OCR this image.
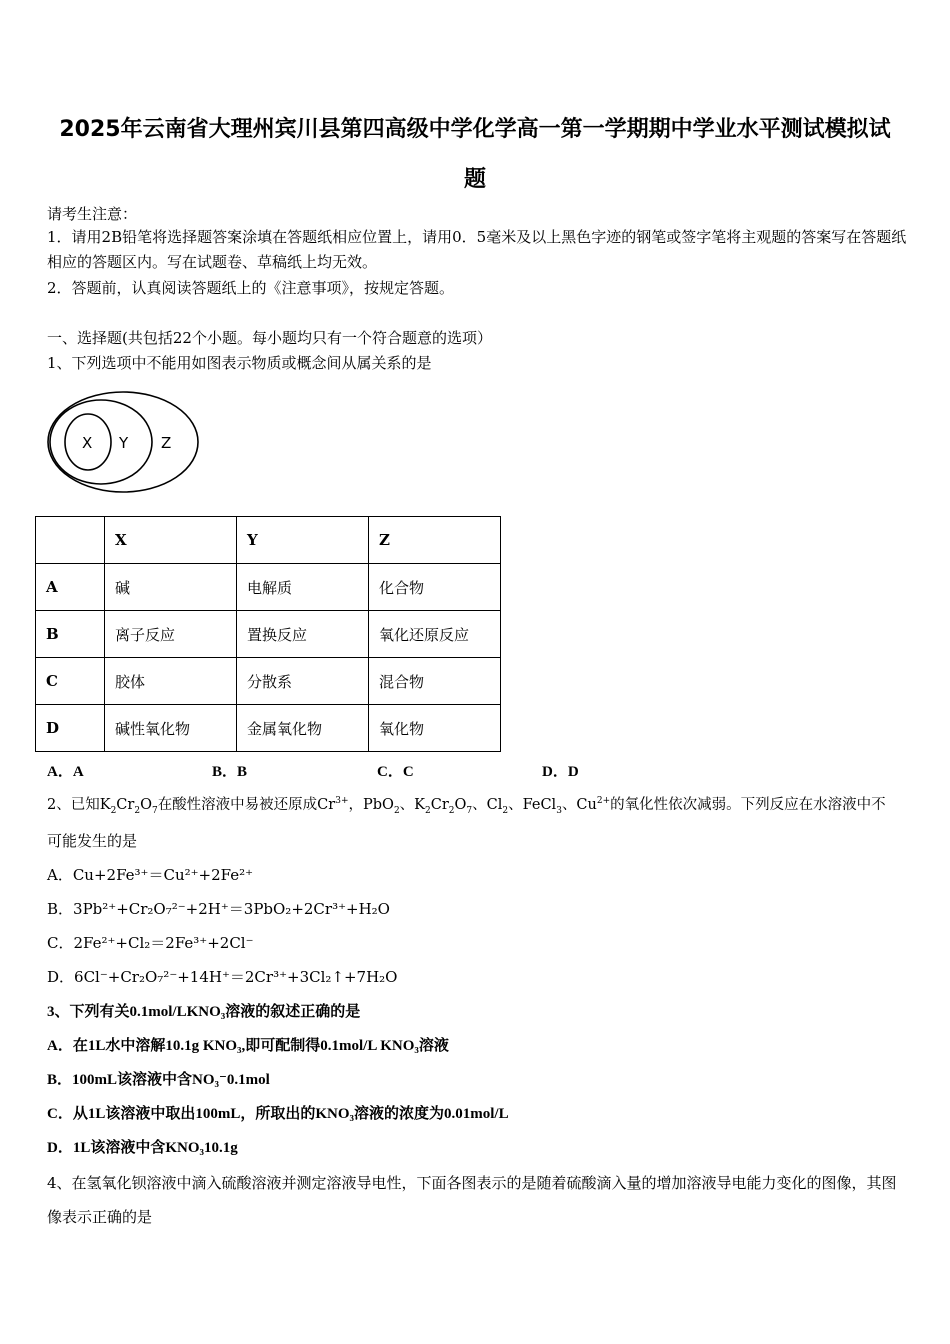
2025年云南省大理州宾川县第四高级中学化学高一第一学期期中学业水平测试模拟试
题
请考生注意：
1．请用2B铅笔将选择题答案涂填在答题纸相应位置上，请用0．5毫米及以上黑色字迹的钢笔或签字笔将主观题的答案写在答题纸相应的答题区内。写在试题卷、草稿纸上均无效。
2．答题前，认真阅读答题纸上的《注意事项》，按规定答题。
一、选择题(共包括22个小题。每小题均只有一个符合题意的选项）
1、下列选项中不能用如图表示物质或概念间从属关系的是
X Y Z
	X	Y	Z
A	碱	电解质	化合物
B	离子反应	置换反应	氧化还原反应
C	胶体	分散系	混合物
D	碱性氧化物	金属氧化物	氧化物
A．A	B．B	C．C	D．D
2、已知$K_2Cr_2O_7$在酸性溶液中易被还原成$Cr^{3+}$，PbO$_2$、$K_2Cr_2O_7$、$Cl_2$、FeCl$_3$、$Cu^{2+}$的氧化性依次减弱。下列反应在水溶液中不
可能发生的是
A．Cu+2Fe³⁺＝Cu²⁺+2Fe²⁺
B．3Pb²⁺+Cr₂O₇²⁻+2H⁺＝3PbO₂+2Cr³⁺+H₂O
C．2Fe²⁺+Cl₂＝2Fe³⁺+2Cl⁻
D．6Cl⁻+Cr₂O₇²⁻+14H⁺＝2Cr³⁺+3Cl₂↑+7H₂O
3、下列有关0.1mol/LKNO₃溶液的叙述正确的是
A．在1L水中溶解10.1g KNO₃,即可配制得0.1mol/L KNO₃溶液
B．100mL该溶液中含NO₃⁻0.1mol
C．从1L该溶液中取出100mL，所取出的KNO₃溶液的浓度为0.01mol/L
D．1L该溶液中含KNO₃10.1g
4、在氢氧化钡溶液中滴入硫酸溶液并测定溶液导电性，下面各图表示的是随着硫酸滴入量的增加溶液导电能力变化的图像，其图像表示正确的是
